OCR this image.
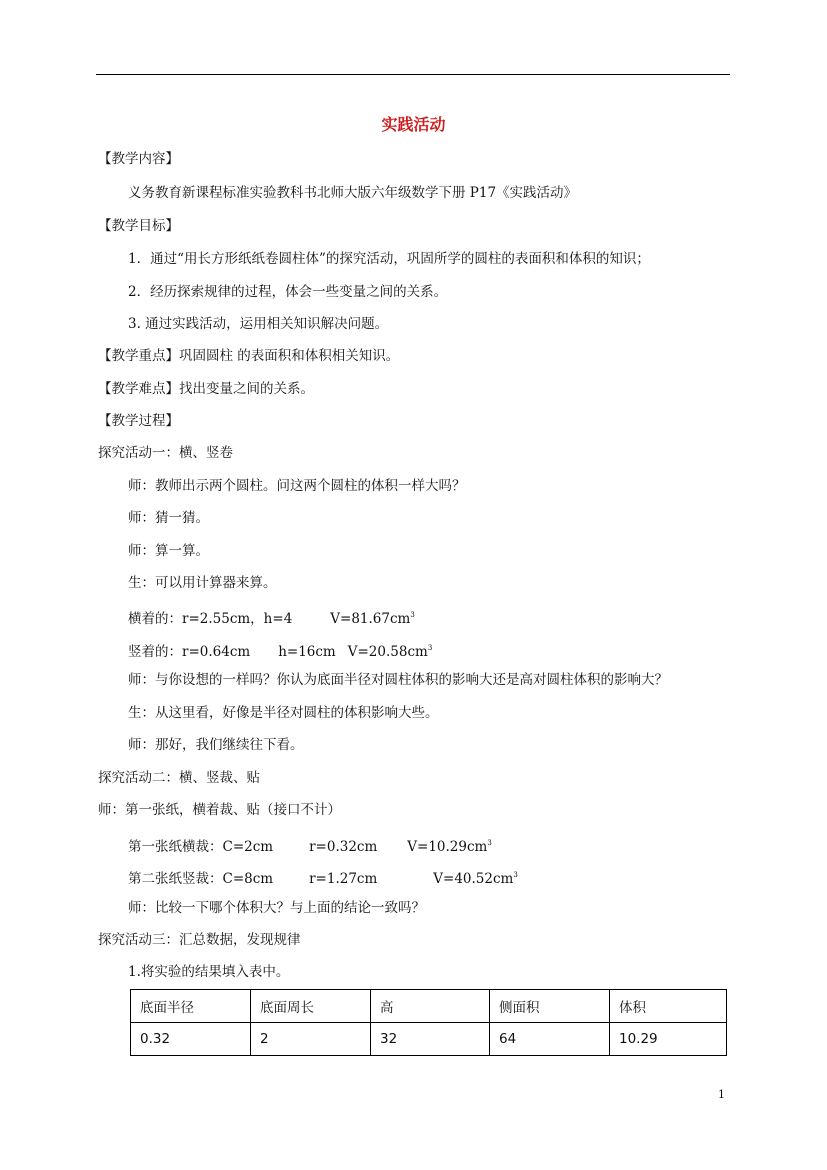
实践活动
【教学内容】
义务教育新课程标准实验教科书北师大版六年级数学下册 P17《实践活动》
【教学目标】
1．通过“用长方形纸纸卷圆柱体”的探究活动，巩固所学的圆柱的表面积和体积的知识；
2．经历探索规律的过程，体会一些变量之间的关系。
3. 通过实践活动，运用相关知识解决问题。
【教学重点】巩固圆柱 的表面积和体积相关知识。
【教学难点】找出变量之间的关系。
【教学过程】
探究活动一：横、竖卷
师：教师出示两个圆柱。问这两个圆柱的体积一样大吗？
师：猜一猜。
师：算一算。
生：可以用计算器来算。
横着的：r=2.55cm，h=4	$V=81.67cm^3$
竖着的：r=0.64cm h=16cm $V=20.58cm^3$
师：与你设想的一样吗？你认为底面半径对圆柱体积的影响大还是高对圆柱体积的影响大？
生：从这里看，好像是半径对圆柱的体积影响大些。
师：那好，我们继续往下看。
探究活动二：横、竖裁、贴
师：第一张纸，横着裁、贴（接口不计）
第一张纸横裁：C=2cm	r=0.32cm $V=10.29cm^3$
第二张纸竖裁：C=8cm	r=1.27cm	$V=40.52cm^3$
师：比较一下哪个体积大？与上面的结论一致吗？
探究活动三：汇总数据，发现规律
1.将实验的结果填入表中。
底面半径	底面周长	高	侧面积	体积
0.32	2	32	64	10.29
1
